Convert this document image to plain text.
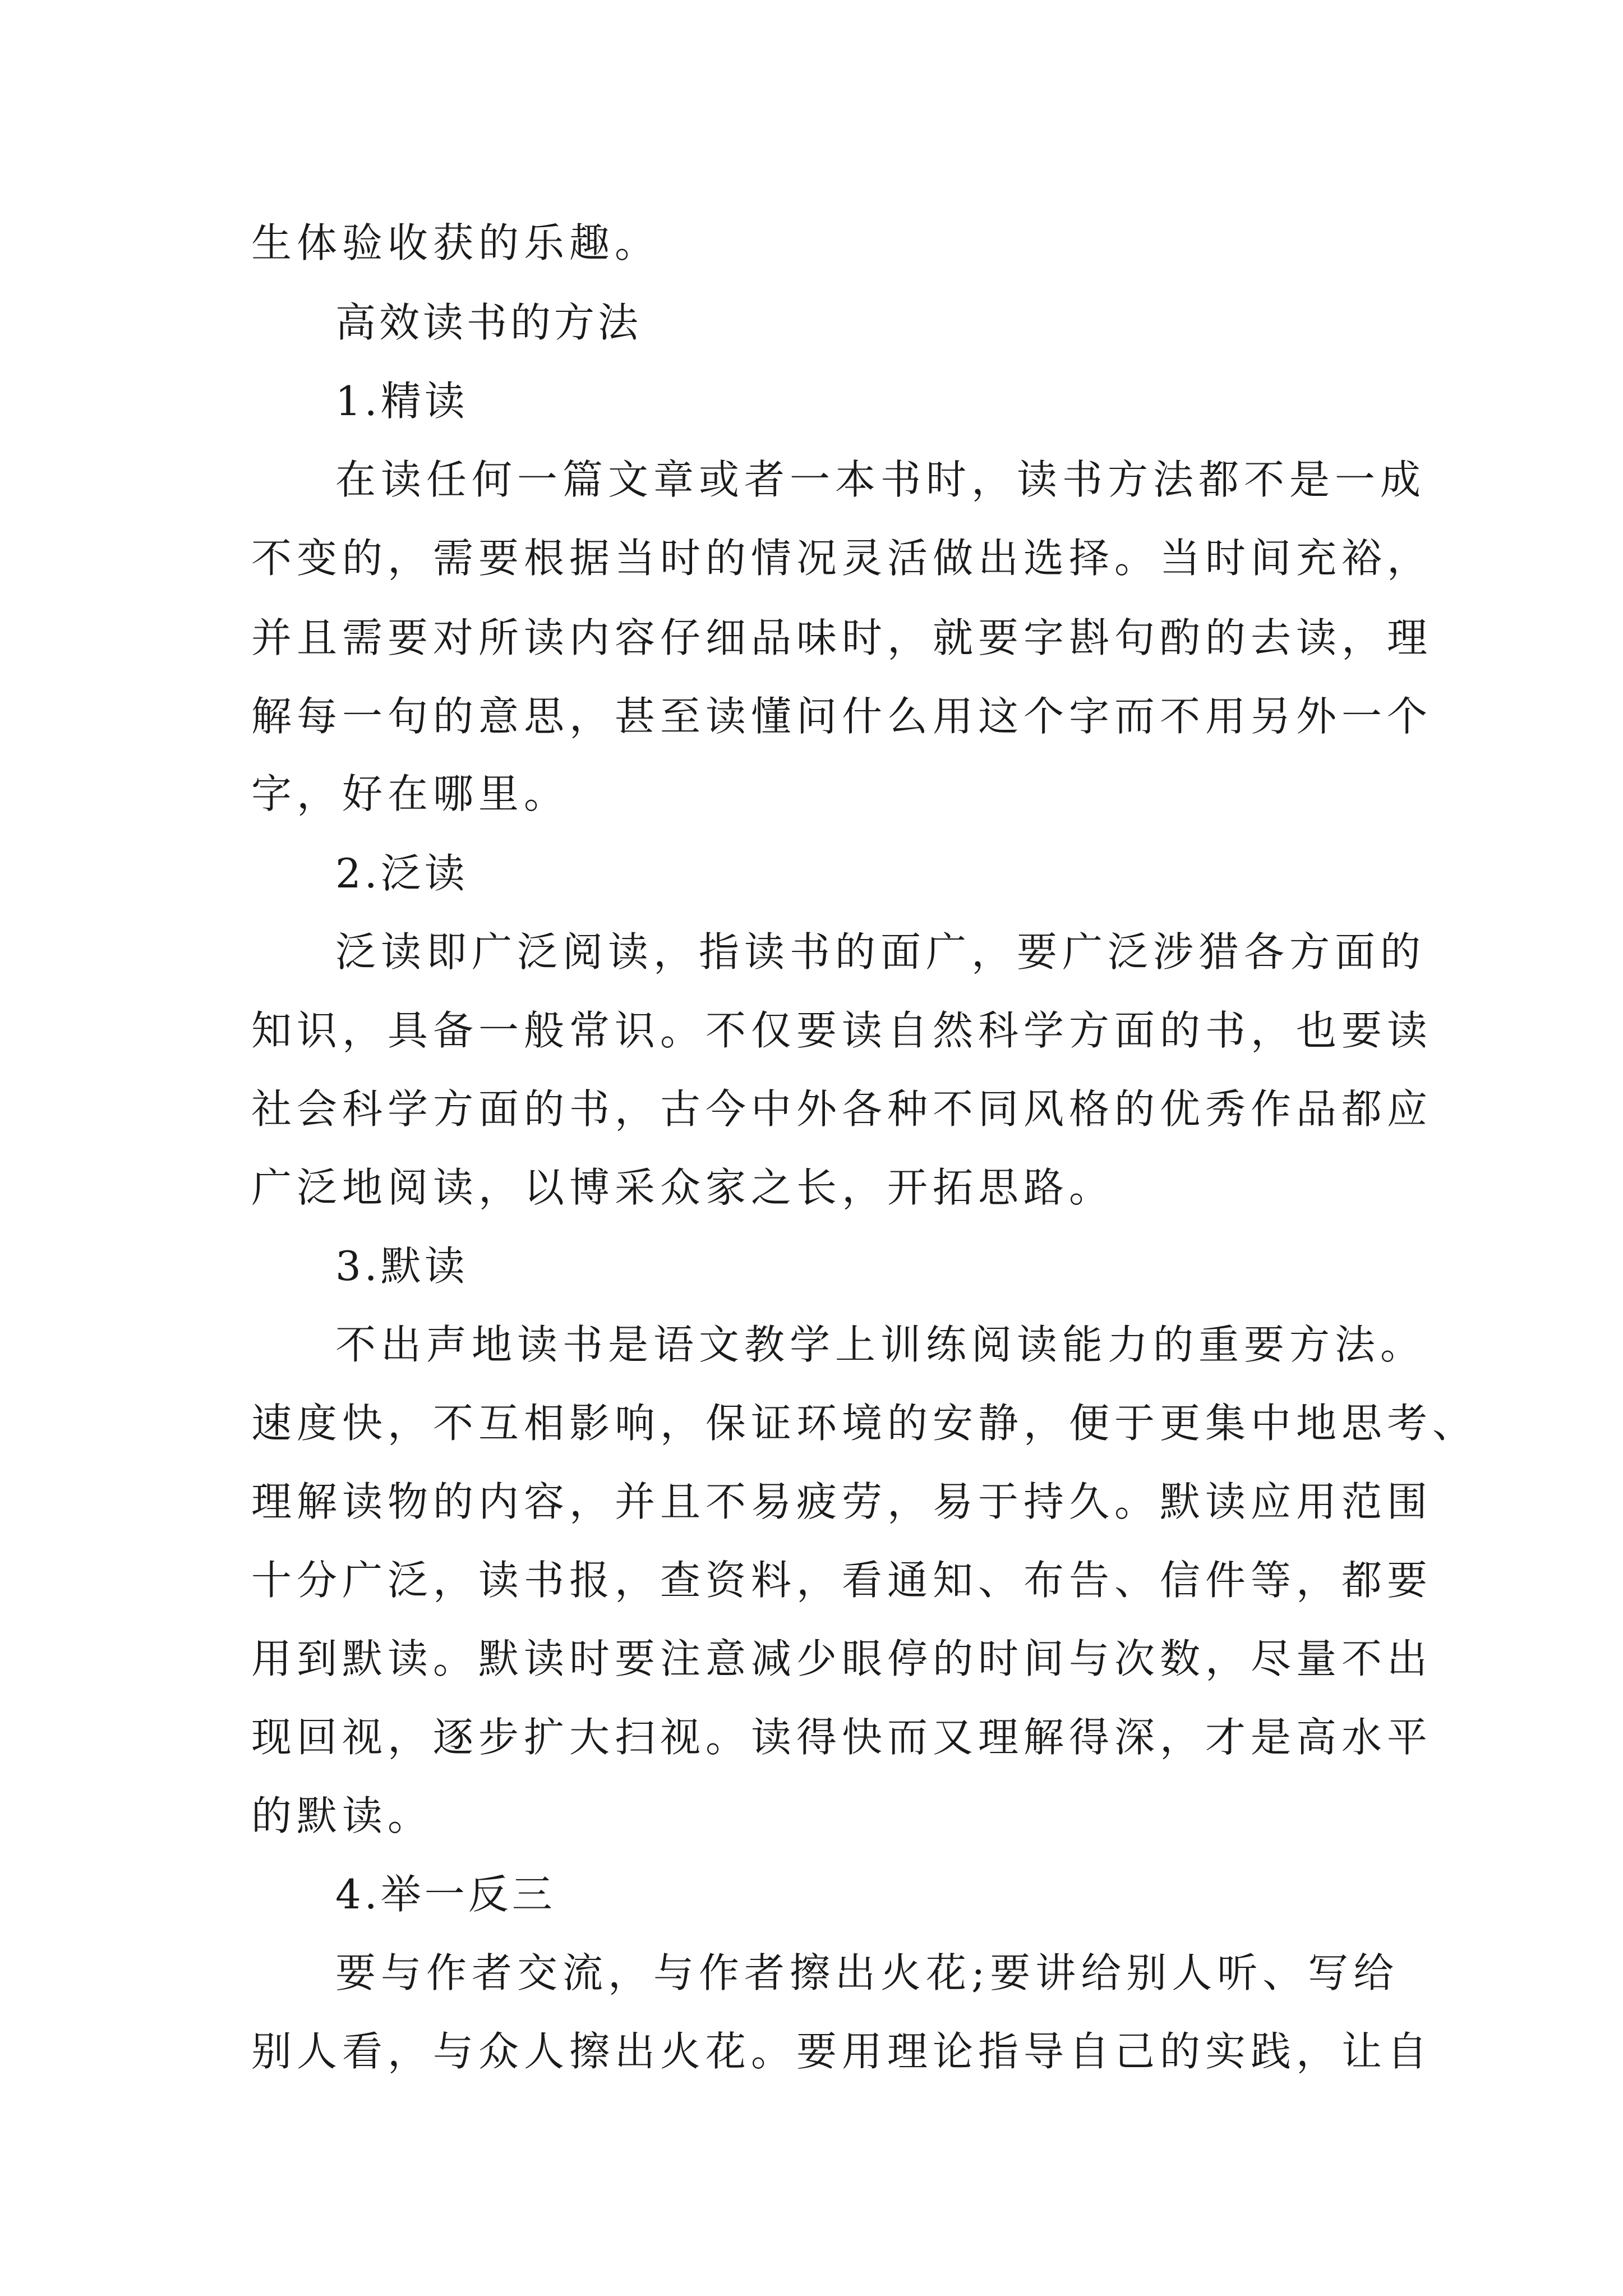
生体验收获的乐趣。
高效读书的方法
1.精读
在读任何一篇文章或者一本书时，读书方法都不是一成
不变的，需要根据当时的情况灵活做出选择。当时间充裕，
并且需要对所读内容仔细品味时，就要字斟句酌的去读，理
解每一句的意思，甚至读懂问什么用这个字而不用另外一个
字，好在哪里。
2.泛读
泛读即广泛阅读，指读书的面广，要广泛涉猎各方面的
知识，具备一般常识。不仅要读自然科学方面的书，也要读
社会科学方面的书，古今中外各种不同风格的优秀作品都应
广泛地阅读，以博采众家之长，开拓思路。
3.默读
不出声地读书是语文教学上训练阅读能力的重要方法。
速度快，不互相影响，保证环境的安静，便于更集中地思考、
理解读物的内容，并且不易疲劳，易于持久。默读应用范围
十分广泛，读书报，查资料，看通知、布告、信件等，都要
用到默读。默读时要注意减少眼停的时间与次数，尽量不出
现回视，逐步扩大扫视。读得快而又理解得深，才是高水平
的默读。
4.举一反三
要与作者交流，与作者擦出火花;要讲给别人听、写给
别人看，与众人擦出火花。要用理论指导自己的实践，让自
